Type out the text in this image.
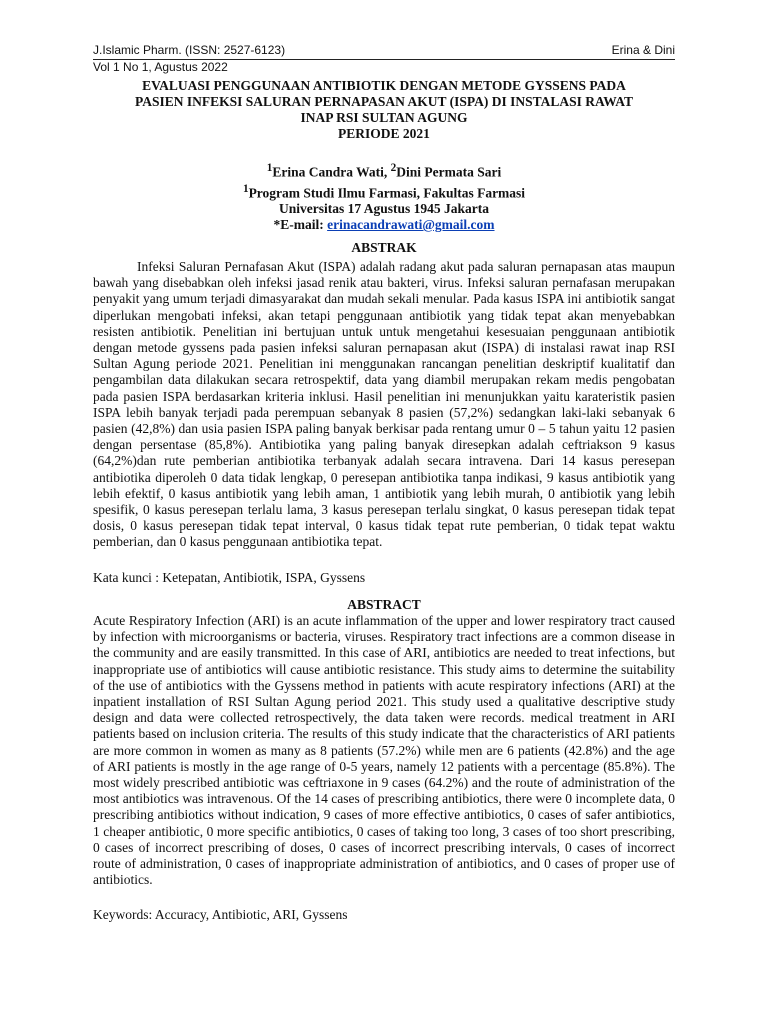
J.Islamic Pharm. (ISSN: 2527-6123)
Vol 1 No 1, Agustus 2022
Erina & Dini
EVALUASI PENGGUNAAN ANTIBIOTIK DENGAN METODE GYSSENS PADA
PASIEN INFEKSI SALURAN PERNAPASAN AKUT (ISPA) DI INSTALASI RAWAT
INAP RSI SULTAN AGUNG
PERIODE 2021
$^1$Erina Candra Wati, $^2$Dini Permata Sari
$^1$Program Studi Ilmu Farmasi, Fakultas Farmasi
Universitas 17 Agustus 1945 Jakarta
*E-mail: erinacandrawati@gmail.com
ABSTRAK

Infeksi Saluran Pernafasan Akut (ISPA) adalah radang akut pada saluran pernapasan atas maupun bawah yang disebabkan oleh infeksi jasad renik atau bakteri, virus. Infeksi saluran pernafasan merupakan penyakit yang umum terjadi dimasyarakat dan mudah sekali menular. Pada kasus ISPA ini antibiotik sangat diperlukan mengobati infeksi, akan tetapi penggunaan antibiotik yang tidak tepat akan menyebabkan resisten antibiotik. Penelitian ini bertujuan untuk untuk mengetahui kesesuaian penggunaan antibiotik dengan metode gyssens pada pasien infeksi saluran pernapasan akut (ISPA) di instalasi rawat inap RSI Sultan Agung periode 2021. Penelitian ini menggunakan rancangan penelitian deskriptif kualitatif dan pengambilan data dilakukan secara retrospektif, data yang diambil merupakan rekam medis pengobatan pada pasien ISPA berdasarkan kriteria inklusi. Hasil penelitian ini menunjukkan yaitu karateristik pasien ISPA lebih banyak terjadi pada perempuan sebanyak 8 pasien (57,2%) sedangkan laki-laki sebanyak 6 pasien (42,8%) dan usia pasien ISPA paling banyak berkisar pada rentang umur 0 – 5 tahun yaitu 12 pasien dengan persentase (85,8%). Antibiotika yang paling banyak diresepkan adalah ceftriakson 9 kasus (64,2%)dan rute pemberian antibiotika terbanyak adalah secara intravena. Dari 14 kasus peresepan antibiotika diperoleh 0 data tidak lengkap, 0 peresepan antibiotika tanpa indikasi, 9 kasus antibiotik yang lebih efektif, 0 kasus antibiotik yang lebih aman, 1 antibiotik yang lebih murah, 0 antibiotik yang lebih spesifik, 0 kasus peresepan terlalu lama, 3 kasus peresepan terlalu singkat, 0 kasus peresepan tidak tepat dosis, 0 kasus peresepan tidak tepat interval, 0 kasus tidak tepat rute pemberian, 0 tidak tepat waktu pemberian, dan 0 kasus penggunaan antibiotika tepat.

Kata kunci : Ketepatan, Antibiotik, ISPA, Gyssens
ABSTRACT

Acute Respiratory Infection (ARI) is an acute inflammation of the upper and lower respiratory tract caused by infection with microorganisms or bacteria, viruses. Respiratory tract infections are a common disease in the community and are easily transmitted. In this case of ARI, antibiotics are needed to treat infections, but inappropriate use of antibiotics will cause antibiotic resistance. This study aims to determine the suitability of the use of antibiotics with the Gyssens method in patients with acute respiratory infections (ARI) at the inpatient installation of RSI Sultan Agung period 2021. This study used a qualitative descriptive study design and data were collected retrospectively, the data taken were records. medical treatment in ARI patients based on inclusion criteria. The results of this study indicate that the characteristics of ARI patients are more common in women as many as 8 patients (57.2%) while men are 6 patients (42.8%) and the age of ARI patients is mostly in the age range of 0-5 years, namely 12 patients with a percentage (85.8%). The most widely prescribed antibiotic was ceftriaxone in 9 cases (64.2%) and the route of administration of the most antibiotics was intravenous. Of the 14 cases of prescribing antibiotics, there were 0 incomplete data, 0 prescribing antibiotics without indication, 9 cases of more effective antibiotics, 0 cases of safer antibiotics, 1 cheaper antibiotic, 0 more specific antibiotics, 0 cases of taking too long, 3 cases of too short prescribing, 0 cases of incorrect prescribing of doses, 0 cases of incorrect prescribing intervals, 0 cases of incorrect route of administration, 0 cases of inappropriate administration of antibiotics, and 0 cases of proper use of antibiotics.

Keywords: Accuracy, Antibiotic, ARI, Gyssens
